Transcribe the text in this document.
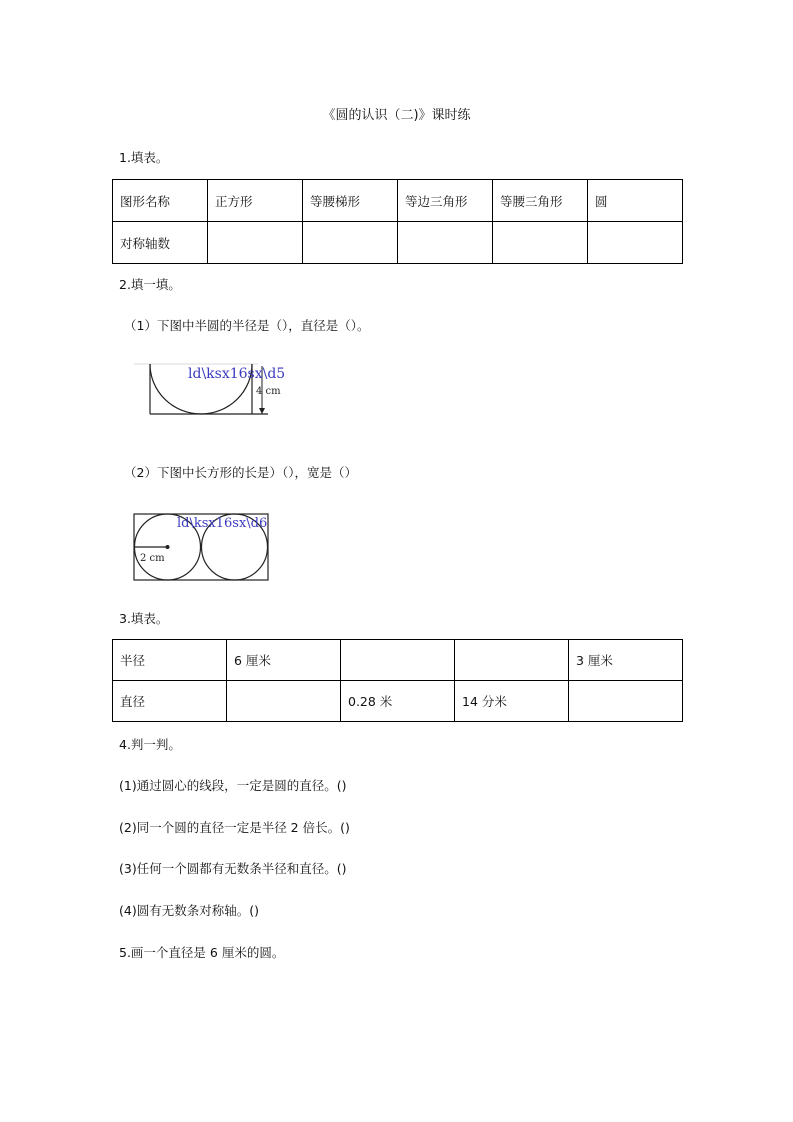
《圆的认识（二)》课时练
1.填表。
图形名称	正方形	等腰梯形	等边三角形	等腰三角形	圆
对称轴数					
2.填一填。
（1）下图中半圆的半径是（），直径是（）。
ld\ksx16sx\d5
4 cm
（2）下图中长方形的长是）（），宽是（）
ld\ksx16sx\d6
2 cm
3.填表。
半径	6 厘米			3 厘米
直径		0.28 米	14 分米	
4.判一判。
(1)通过圆心的线段，一定是圆的直径。()
(2)同一个圆的直径一定是半径 2 倍长。()
(3)任何一个圆都有无数条半径和直径。()
(4)圆有无数条对称轴。()
5.画一个直径是 6 厘米的圆。
